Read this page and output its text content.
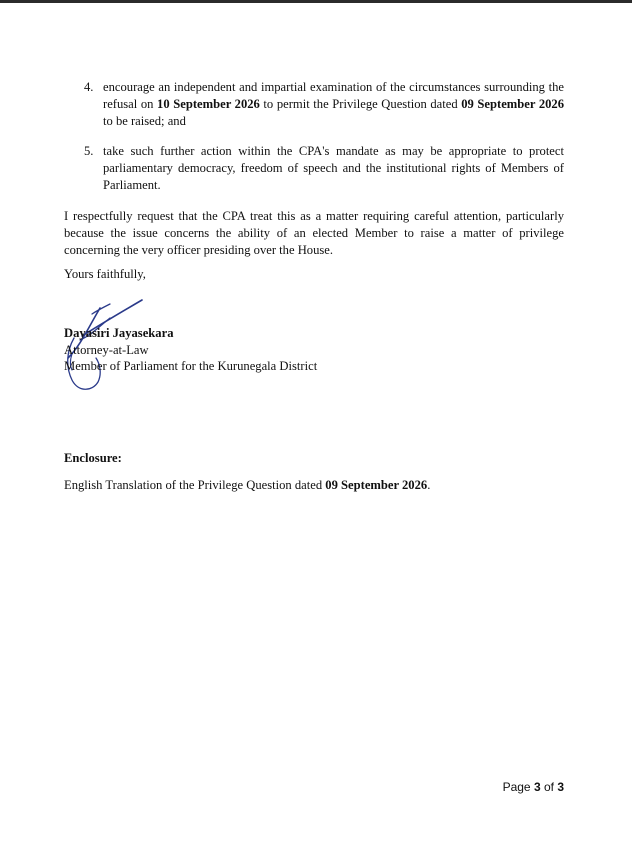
4. encourage an independent and impartial examination of the circumstances surrounding the refusal on 10 September 2026 to permit the Privilege Question dated 09 September 2026 to be raised; and
5. take such further action within the CPA's mandate as may be appropriate to protect parliamentary democracy, freedom of speech and the institutional rights of Members of Parliament.
I respectfully request that the CPA treat this as a matter requiring careful attention, particularly because the issue concerns the ability of an elected Member to raise a matter of privilege concerning the very officer presiding over the House.
Yours faithfully,
Dayasiri Jayasekara
Attorney-at-Law
Member of Parliament for the Kurunegala District
Enclosure:
English Translation of the Privilege Question dated 09 September 2026.
Page 3 of 3
